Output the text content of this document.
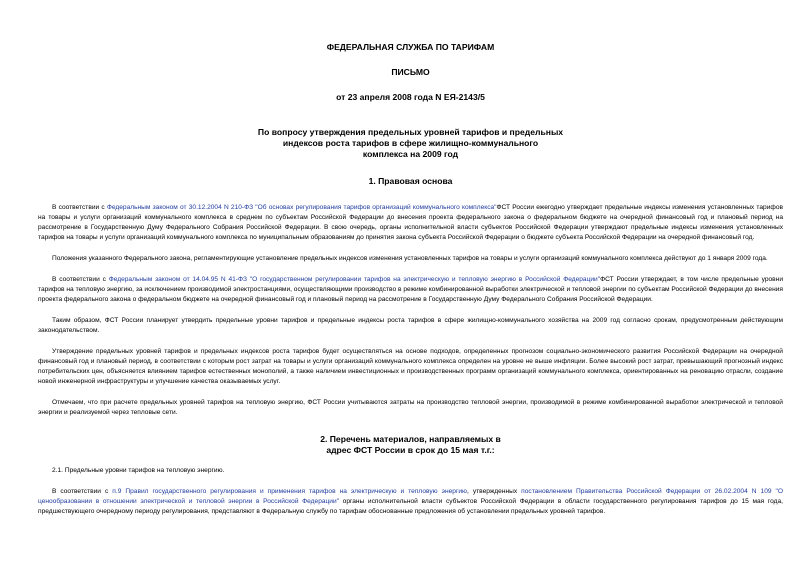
ФЕДЕРАЛЬНАЯ СЛУЖБА ПО ТАРИФАМ
ПИСЬМО
от 23 апреля 2008 года N ЕЯ-2143/5
По вопросу утверждения предельных уровней тарифов и предельных
индексов роста тарифов в сфере жилищно-коммунального
комплекса на 2009 год
1. Правовая основа

В соответствии с Федеральным законом от 30.12.2004 N 210-ФЗ "Об основах регулирования тарифов организаций коммунального комплекса"ФСТ России ежегодно утверждает предельные индексы изменения установленных тарифов на товары и услуги организаций коммунального комплекса в среднем по субъектам Российской Федерации до внесения проекта федерального закона о федеральном бюджете на очередной финансовый год и плановый период на рассмотрение в Государственную Думу Федерального Собрания Российской Федерации. В свою очередь, органы исполнительной власти субъектов Российской Федерации утверждают предельные индексы изменения установленных тарифов на товары и услуги организаций коммунального комплекса по муниципальным образованиям до принятия закона субъекта Российской Федерации о бюджете субъекта Российской Федерации на очередной финансовый год.

Положения указанного Федерального закона, регламентирующие установление предельных индексов изменения установленных тарифов на товары и услуги организаций коммунального комплекса действуют до 1 января 2009 года.

В соответствии с Федеральным законом от 14.04.95 N 41-ФЗ "О государственном регулировании тарифов на электрическую и тепловую энергию в Российской Федерации"ФСТ России утверждает, в том числе предельные уровни тарифов на тепловую энергию, за исключением производимой электростанциями, осуществляющими производство в режиме комбинированной выработки электрической и тепловой энергии по субъектам Российской Федерации до внесения проекта федерального закона о федеральном бюджете на очередной финансовый год и плановый период на рассмотрение в Государственную Думу Федерального Собрания Российской Федерации.

Таким образом, ФСТ России планирует утвердить предельные уровни тарифов и предельные индексы роста тарифов в сфере жилищно-коммунального хозяйства на 2009 год согласно срокам, предусмотренным действующим законодательством.

Утверждение предельных уровней тарифов и предельных индексов роста тарифов будет осуществляться на основе подходов, определенных прогнозом социально-экономического развития Российской Федерации на очередной финансовый год и плановый период, в соответствии с которым рост затрат на товары и услуги организаций коммунального комплекса определен на уровне не выше инфляции. Более высокий рост затрат, превышающий прогнозный индекс потребительских цен, объясняется влиянием тарифов естественных монополий, а также наличием инвестиционных и производственных программ организаций коммунального комплекса, ориентированных на реновацию отрасли, создание новой инженерной инфраструктуры и улучшение качества оказываемых услуг.

Отмечаем, что при расчете предельных уровней тарифов на тепловую энергию, ФСТ России учитываются затраты на производство тепловой энергии, производимой в режиме комбинированной выработки электрической и тепловой энергии и реализуемой через тепловые сети.

2. Перечень материалов, направляемых в
адрес ФСТ России в срок до 15 мая т.г.:

2.1. Предельные уровни тарифов на тепловую энергию.

В соответствии с п.9 Правил государственного регулирования и применения тарифов на электрическую и тепловую энергию, утвержденных постановлением Правительства Российской Федерации от 26.02.2004 N 109 "О ценообразовании в отношении электрической и тепловой энергии в Российской Федерации" органы исполнительной власти субъектов Российской Федерации в области государственного регулирования тарифов до 15 мая года, предшествующего очередному периоду регулирования, представляют в Федеральную службу по тарифам обоснованные предложения об установлении предельных уровней тарифов.
